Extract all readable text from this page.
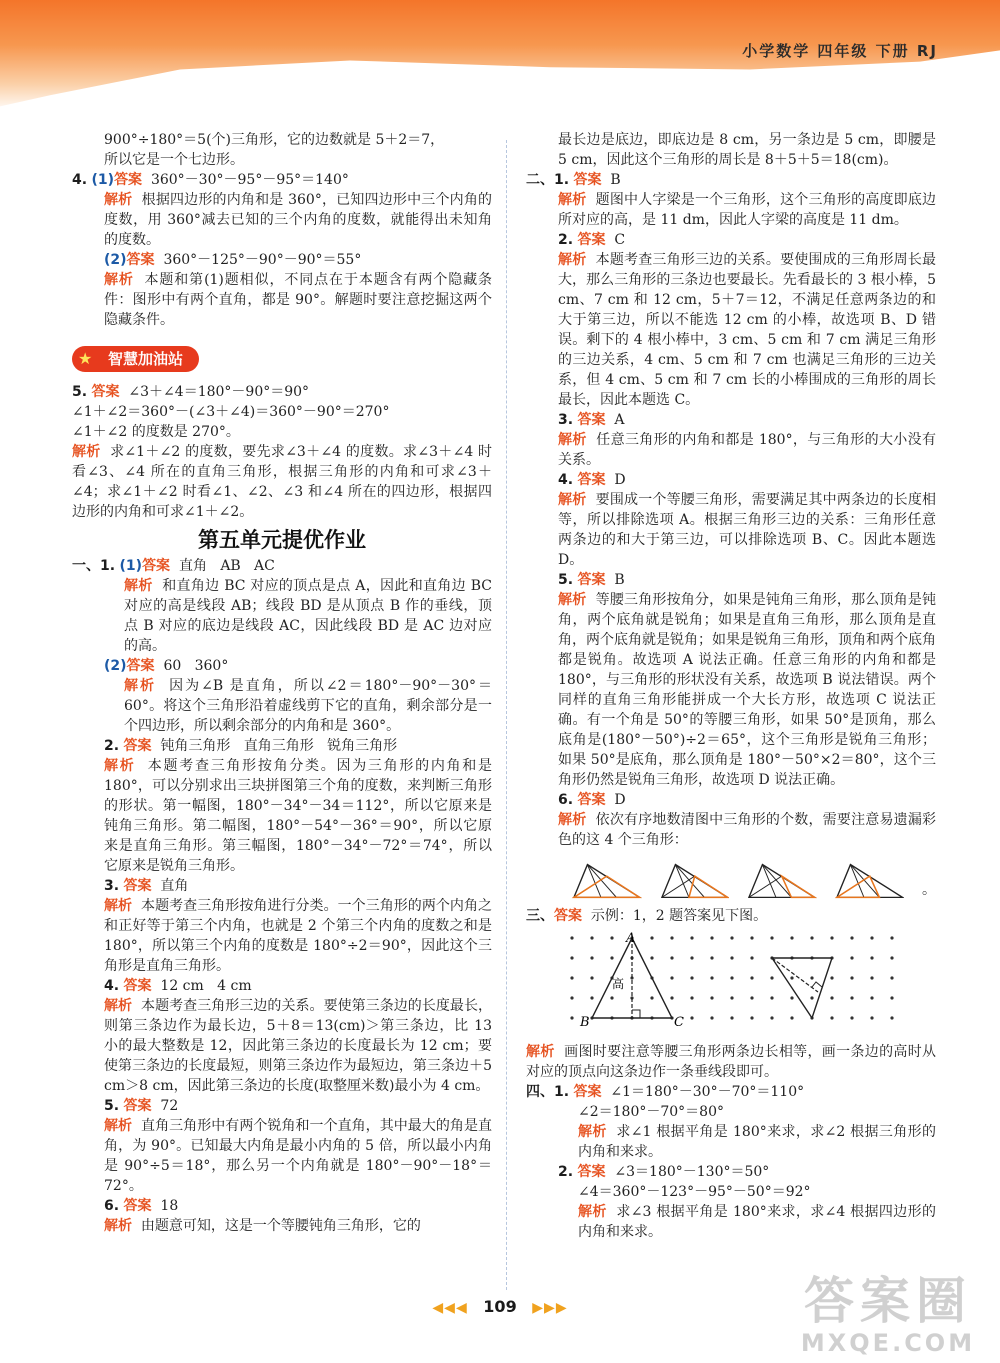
小学数学 四年级 下册 RJ

900°÷180°＝5(个)三角形，它的边数就是 5＋2＝7，

所以它是一个七边形。

4. (1)答案  360°－30°－95°－95°＝140°

解析  根据四边形的内角和是 360°，已知四边形中三个内角的度数，用 360°减去已知的三个内角的度数，就能得出未知角的度数。

(2)答案  360°－125°－90°－90°＝55°

解析  本题和第(1)题相似，不同点在于本题含有两个隐藏条件：图形中有两个直角，都是 90°。解题时要注意挖掘这两个隐藏条件。

★	智慧加油站

5. 答案  ∠3＋∠4＝180°－90°＝90°

∠1＋∠2＝360°－(∠3＋∠4)＝360°－90°＝270°

∠1＋∠2 的度数是 270°。

解析  求∠1＋∠2 的度数，要先求∠3＋∠4 的度数。求∠3＋∠4 时看∠3、∠4 所在的直角三角形，根据三角形的内角和可求∠3＋∠4；求∠1＋∠2 时看∠1、∠2、∠3 和∠4 所在的四边形，根据四边形的内角和可求∠1＋∠2。

第五单元提优作业

一、1. (1)答案  直角   AB   AC

解析  和直角边 BC 对应的顶点是点 A，因此和直角边 BC 对应的高是线段 AB；线段 BD 是从顶点 B 作的垂线，顶点 B 对应的底边是线段 AC，因此线段 BD 是 AC 边对应的高。

(2)答案  60   360°

解析  因为∠B 是直角，所以∠2＝180°－90°－30°＝60°。将这个三角形沿着虚线剪下它的直角，剩余部分是一个四边形，所以剩余部分的内角和是 360°。

2. 答案  钝角三角形   直角三角形   锐角三角形

解析  本题考查三角形按角分类。因为三角形的内角和是 180°，可以分别求出三块拼图第三个角的度数，来判断三角形的形状。第一幅图，180°－34°－34＝112°，所以它原来是钝角三角形。第二幅图，180°－54°－36°＝90°，所以它原来是直角三角形。第三幅图，180°－34°－72°＝74°，所以它原来是锐角三角形。

3. 答案  直角

解析  本题考查三角形按角进行分类。一个三角形的两个内角之和正好等于第三个内角，也就是 2 个第三个内角的度数之和是 180°，所以第三个内角的度数是 180°÷2＝90°，因此这个三角形是直角三角形。

4. 答案  12 cm   4 cm

解析  本题考查三角形三边的关系。要使第三条边的长度最长，则第三条边作为最长边，5＋8＝13(cm)＞第三条边，比 13 小的最大整数是 12，因此第三条边的长度最长为 12 cm；要使第三条边的长度最短，则第三条边作为最短边，第三条边＋5 cm＞8 cm，因此第三条边的长度(取整厘米数)最小为 4 cm。

5. 答案  72

解析  直角三角形中有两个锐角和一个直角，其中最大的角是直角，为 90°。已知最大内角是最小内角的 5 倍，所以最小内角是 90°÷5＝18°，那么另一个内角就是 180°－90°－18°＝72°。

6. 答案  18

解析  由题意可知，这是一个等腰钝角三角形，它的

最长边是底边，即底边是 8 cm，另一条边是 5 cm，即腰是 5 cm，因此这个三角形的周长是 8＋5＋5＝18(cm)。

二、1. 答案  B

解析  题图中人字梁是一个三角形，这个三角形的高度即底边所对应的高，是 11 dm，因此人字梁的高度是 11 dm。

2. 答案  C

解析  本题考查三角形三边的关系。要使围成的三角形周长最大，那么三角形的三条边也要最长。先看最长的 3 根小棒，5 cm、7 cm 和 12 cm，5＋7＝12，不满足任意两条边的和大于第三边，所以不能选 12 cm 的小棒，故选项 B、D 错误。剩下的 4 根小棒中，3 cm、5 cm 和 7 cm 满足三角形的三边关系，4 cm、5 cm 和 7 cm 也满足三角形的三边关系，但 4 cm、5 cm 和 7 cm 长的小棒围成的三角形的周长最长，因此本题选 C。

3. 答案  A

解析  任意三角形的内角和都是 180°，与三角形的大小没有关系。

4. 答案  D

解析  要围成一个等腰三角形，需要满足其中两条边的长度相等，所以排除选项 A。根据三角形三边的关系：三角形任意两条边的和大于第三边，可以排除选项 B、C。因此本题选 D。

5. 答案  B

解析  等腰三角形按角分，如果是钝角三角形，那么顶角是钝角，两个底角就是锐角；如果是直角三角形，那么顶角是直角，两个底角就是锐角；如果是锐角三角形，顶角和两个底角都是锐角。故选项 A 说法正确。任意三角形的内角和都是 180°，与三角形的形状没有关系，故选项 B 说法错误。两个同样的直角三角形能拼成一个大长方形，故选项 C 说法正确。有一个角是 50°的等腰三角形，如果 50°是顶角，那么底角是(180°－50°)÷2＝65°，这个三角形是锐角三角形；如果 50°是底角，那么顶角是 180°－50°×2＝80°，这个三角形仍然是锐角三角形，故选项 D 说法正确。

6. 答案  D

解析  依次有序地数清图中三角形的个数，需要注意易遗漏彩色的这 4 个三角形：

。

三、答案  示例：1，2 题答案见下图。

A
B	C
高

解析  画图时要注意等腰三角形两条边长相等，画一条边的高时从对应的顶点向这条边作一条垂线段即可。

四、1. 答案  ∠1＝180°－30°－70°＝110°

∠2＝180°－70°＝80°

解析  求∠1 根据平角是 180°来求，求∠2 根据三角形的内角和来求。

2. 答案  ∠3＝180°－130°＝50°

∠4＝360°－123°－95°－50°＝92°

解析  求∠3 根据平角是 180°来求，求∠4 根据四边形的内角和来求。

◀◀◀ 109 ▶▶▶	答案圈
MXQE.COM
